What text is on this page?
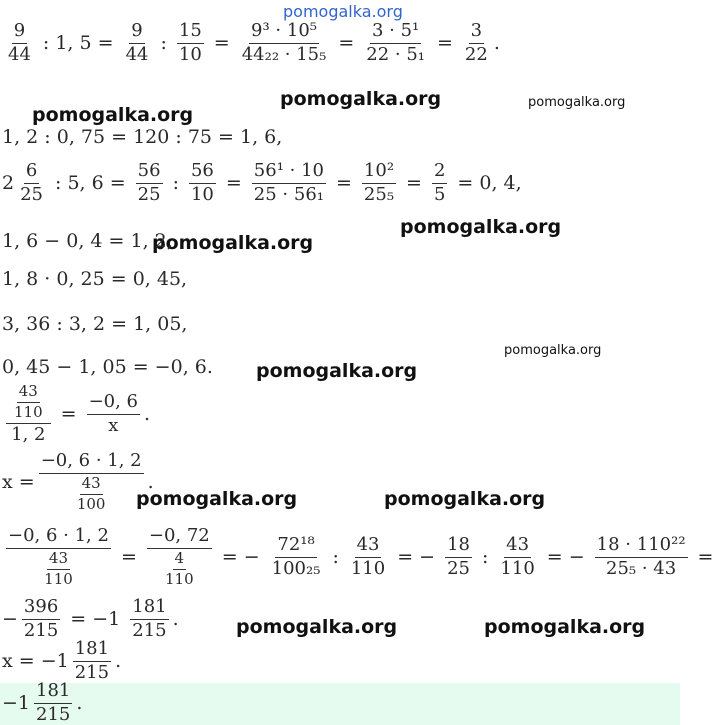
pomogalka.org
pomogalka.org
pomogalka.org	pomogalka.org
pomogalka.org
pomogalka.org
pomogalka.org
pomogalka.org
pomogalka.org	pomogalka.org
pomogalka.org	pomogalka.org
$\frac{9}{44}$ : 1, $5 = \frac{9}{44}$ : $\frac{15}{10} = \frac{\text{9³ · 10⁵}}{\text{44₂₂ · 15₅}} = \frac{\text{3 · 5¹}}{\text{22 · 5₁}} = \frac{3}{22}$ .
1, 2 : 0, 75 = 120 : 75 = 1, 6,
$2 \frac{6}{25}$ : 5, $6 = \frac{56}{25}$ : $\frac{56}{10} = \frac{\text{56¹ · 10}}{\text{25 · 56₁}} = \frac{\text{10²}}{\text{25₅}} = \frac{2}{5} = 0$, 4,
1, 6 − 0, 4 = 1, 2,
1, 8 · 0, 25 = 0, 45,
3, 36 : 3, 2 = 1, 05,
0, 45 − 1, 05 = −0, 6.
$\frac{\frac{43}{110}}{1, 2} = \frac{-0, 6}{x}$ .
$x = \frac{-0, 6 \cdot 1, 2}{\frac{43}{100}}$ .
$\frac{-0, 6 \cdot 1, 2}{\frac{43}{110}} = \frac{-0, 72}{\frac{4}{110}}$ = − $\frac{\text{72¹⁸}}{\text{100₂₅}}$ : $\frac{43}{110}$ = − $\frac{18}{25}$ : $\frac{43}{110}$ = − $\frac{\text{18 · 110²²}}{\text{25₅ · 43}}$ =
− $\frac{396}{215} = -1 \frac{181}{215}$ .
$x = -1 \frac{181}{215}$ .
$-1 \frac{181}{215}$ .
